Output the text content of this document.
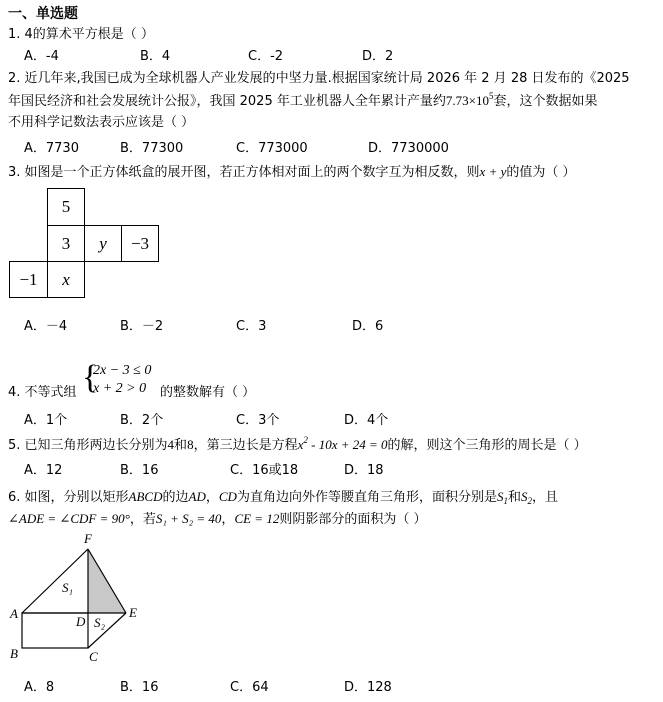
一、单选题
1. 4的算术平方根是（ ）
A．-4	B．4	C．-2	D．2
2. 近几年来,我国已成为全球机器人产业发展的中坚力量.根据国家统计局 2026 年 2 月 28 日发布的《2025
年国民经济和社会发展统计公报》，我国 2025 年工业机器人全年累计产量约$7.73\times 10^5$套，这个数据如果
不用科学记数法表示应该是（ ）
A．7730	B．77300	C．773000	D．7730000
3. 如图是一个正方体纸盒的展开图，若正方体相对面上的两个数字互为相反数，则x + y的值为（ ）
5
3	y	−3
−1	x
A．－4	B．－2	C．3	D．6
4. 不等式组 {
2x − 3 ≤ 0
x + 2 > 0 的整数解有（ ）
A．1个	B．2个	C．3个	D．4个
5. 已知三角形两边长分别为4和8，第三边长是方程$x^2 - 10x + 24 = 0$的解，则这个三角形的周长是（ ）
A．12	B．16	C．16或18	D．18
6. 如图，分别以矩形ABCD的边AD，CD为直角边向外作等腰直角三角形，面积分别是$S_1$和$S_2$，且
∠ADE = ∠CDF = 90°，若S₁ + S₂ = 40，CE = 12则阴影部分的面积为（ ）
F
S₁
A
D S₂
E
B	C
A．8	B．16	C．64	D．128
